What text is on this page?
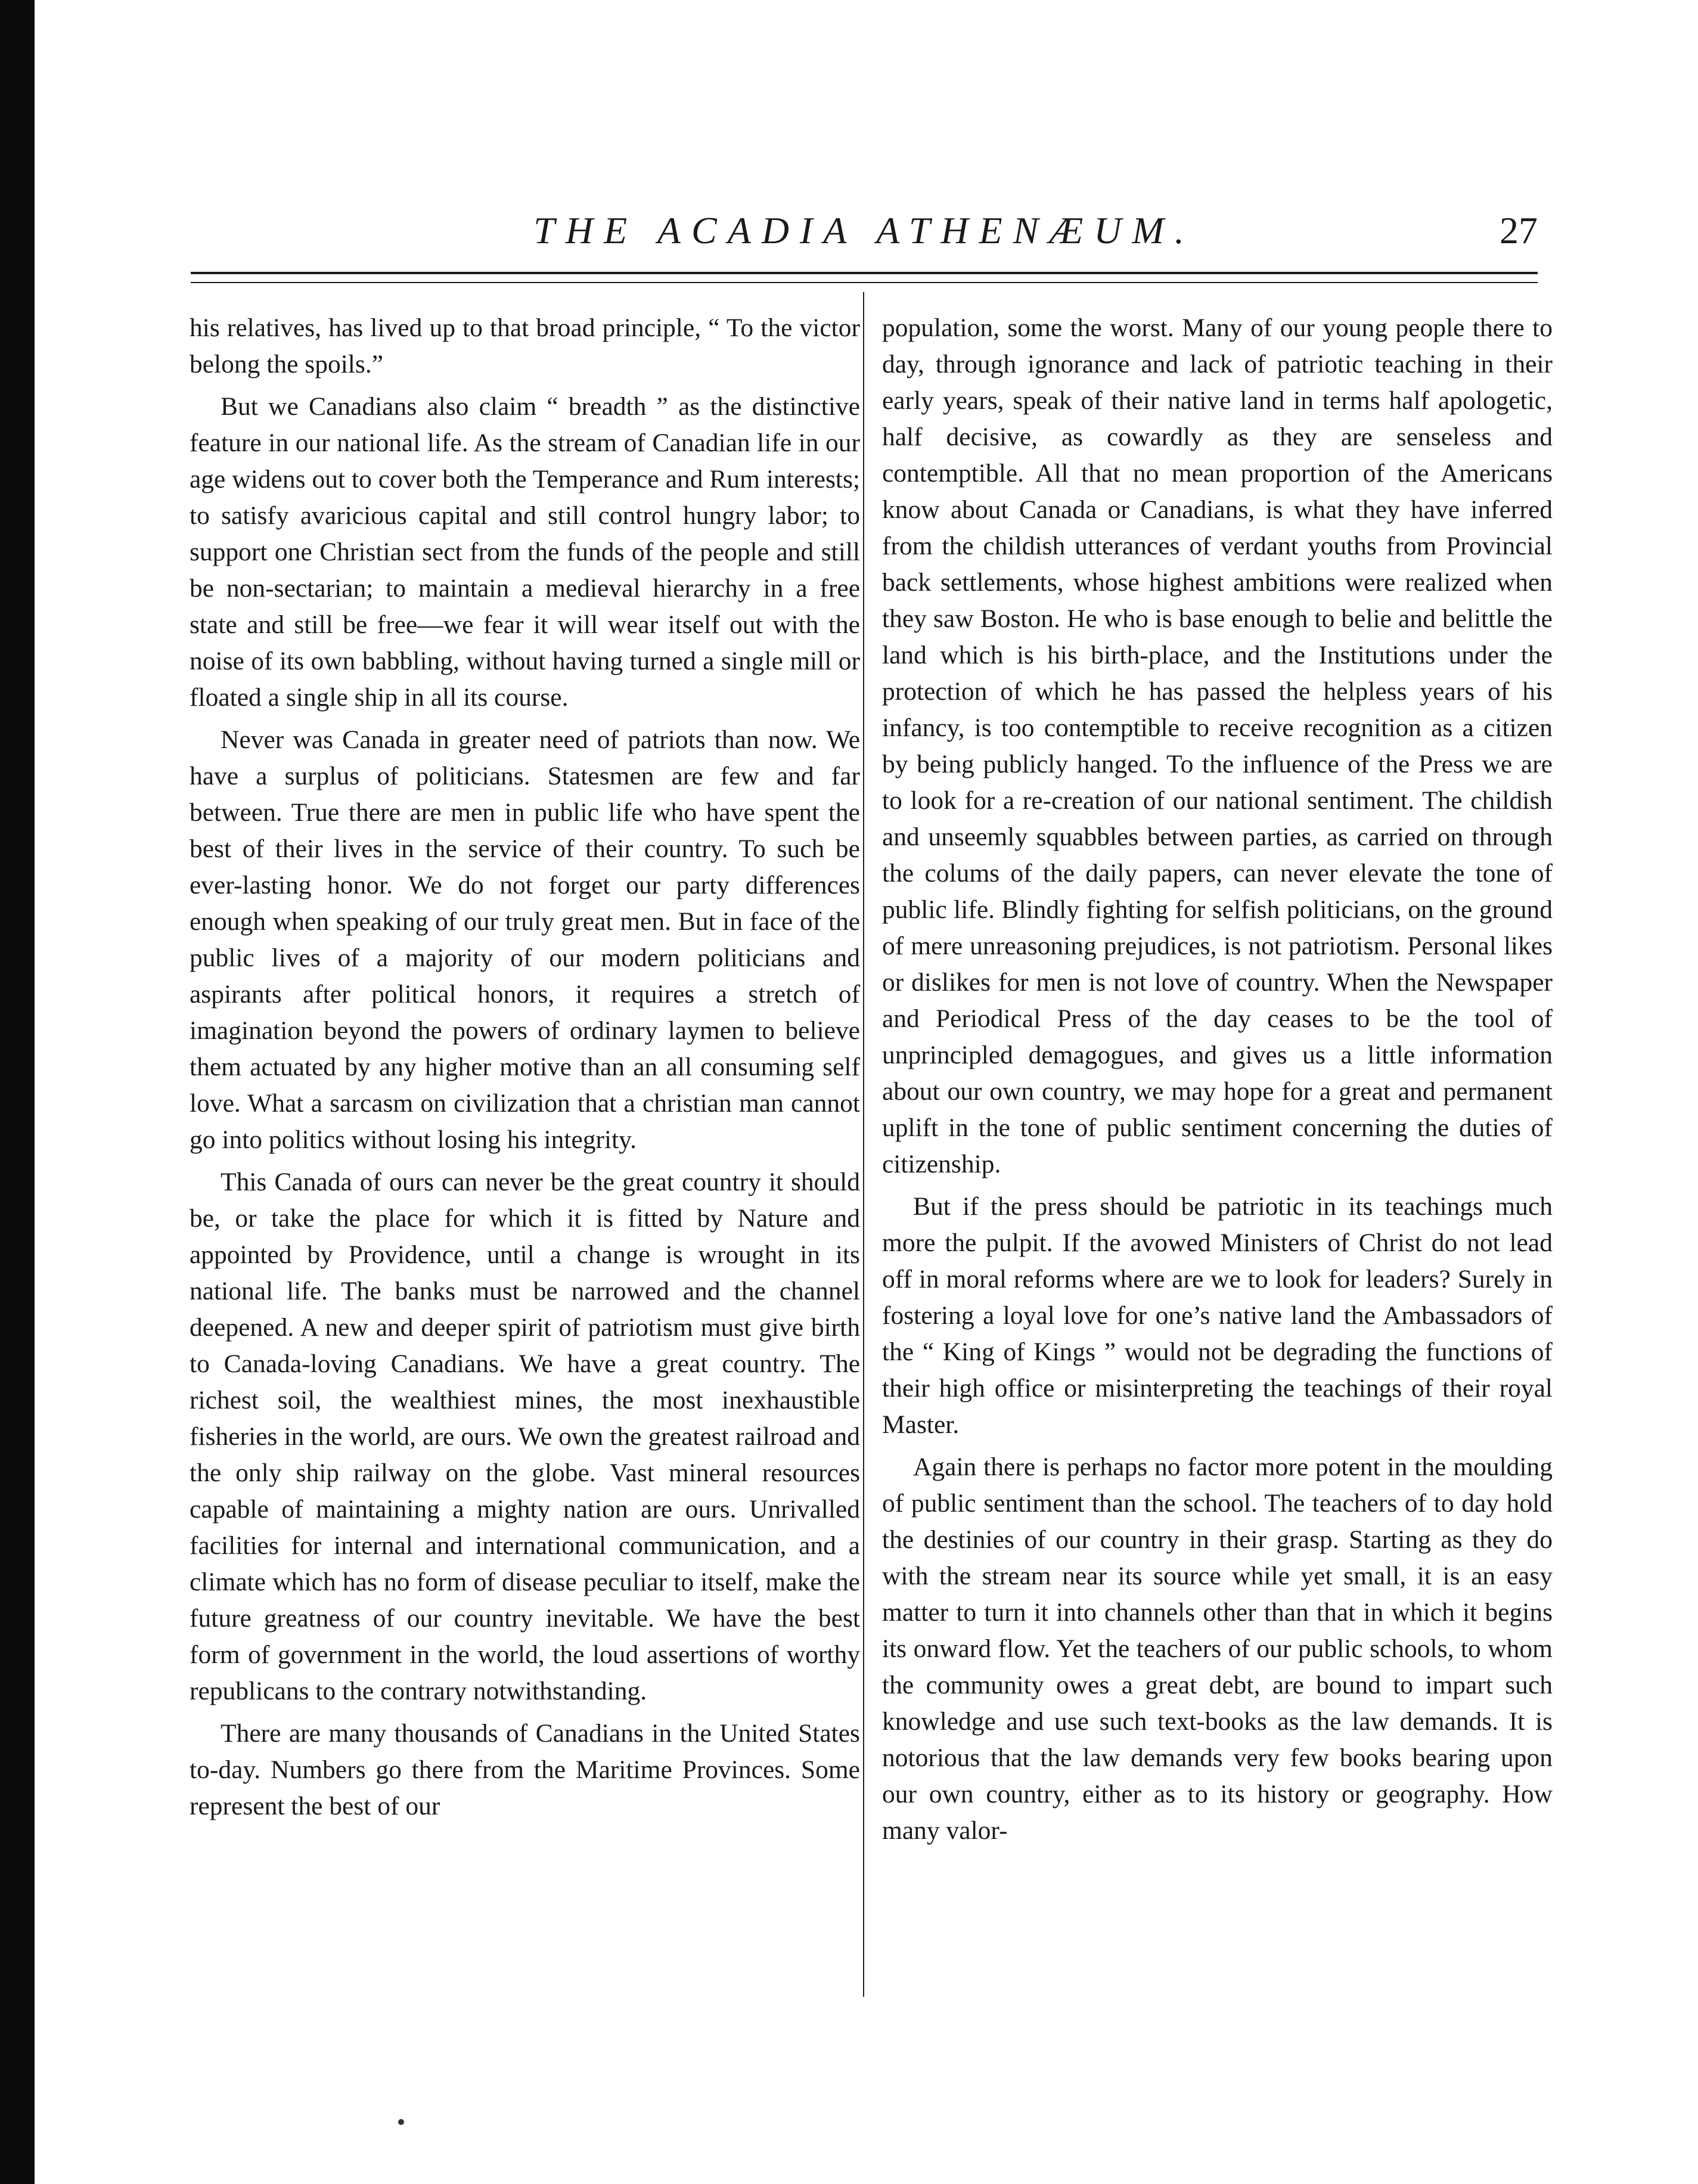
THE ACADIA ATHENÆUM.	27

his relatives, has lived up to that broad principle, “ To the victor belong the spoils.”

But we Canadians also claim “ breadth ” as the distinctive feature in our national life. As the stream of Canadian life in our age widens out to cover both the Temperance and Rum interests; to satisfy avaricious capital and still control hungry labor; to support one Christian sect from the funds of the people and still be non-sectarian; to maintain a medieval hierarchy in a free state and still be free—we fear it will wear itself out with the noise of its own babbling, without having turned a single mill or floated a single ship in all its course.

Never was Canada in greater need of patriots than now. We have a surplus of politicians. Statesmen are few and far between. True there are men in public life who have spent the best of their lives in the service of their country. To such be ever-lasting honor. We do not forget our party differences enough when speaking of our truly great men. But in face of the public lives of a majority of our modern politicians and aspirants after political honors, it requires a stretch of imagination beyond the powers of ordinary laymen to believe them actuated by any higher motive than an all consuming self love. What a sarcasm on civilization that a christian man cannot go into politics without losing his integrity.

This Canada of ours can never be the great country it should be, or take the place for which it is fitted by Nature and appointed by Providence, until a change is wrought in its national life. The banks must be narrowed and the channel deepened. A new and deeper spirit of patriotism must give birth to Canada-loving Canadians. We have a great country. The richest soil, the wealthiest mines, the most inexhaustible fisheries in the world, are ours. We own the greatest railroad and the only ship railway on the globe. Vast mineral resources capable of maintaining a mighty nation are ours. Unrivalled facilities for internal and international communication, and a climate which has no form of disease peculiar to itself, make the future greatness of our country inevitable. We have the best form of government in the world, the loud assertions of worthy republicans to the contrary notwithstanding.

There are many thousands of Canadians in the United States to-day. Numbers go there from the Maritime Provinces. Some represent the best of our

population, some the worst. Many of our young people there to day, through ignorance and lack of patriotic teaching in their early years, speak of their native land in terms half apologetic, half decisive, as cowardly as they are senseless and contemptible. All that no mean proportion of the Americans know about Canada or Canadians, is what they have inferred from the childish utterances of verdant youths from Provincial back settlements, whose highest ambitions were realized when they saw Boston. He who is base enough to belie and belittle the land which is his birth-place, and the Institutions under the protection of which he has passed the helpless years of his infancy, is too contemptible to receive recognition as a citizen by being publicly hanged. To the influence of the Press we are to look for a re-creation of our national sentiment. The childish and unseemly squabbles between parties, as carried on through the colums of the daily papers, can never elevate the tone of public life. Blindly fighting for selfish politicians, on the ground of mere unreasoning prejudices, is not patriotism. Personal likes or dislikes for men is not love of country. When the Newspaper and Periodical Press of the day ceases to be the tool of unprincipled demagogues, and gives us a little information about our own country, we may hope for a great and permanent uplift in the tone of public sentiment concerning the duties of citizenship.

But if the press should be patriotic in its teachings much more the pulpit. If the avowed Ministers of Christ do not lead off in moral reforms where are we to look for leaders? Surely in fostering a loyal love for one’s native land the Ambassadors of the “ King of Kings ” would not be degrading the functions of their high office or misinterpreting the teachings of their royal Master.

Again there is perhaps no factor more potent in the moulding of public sentiment than the school. The teachers of to day hold the destinies of our country in their grasp. Starting as they do with the stream near its source while yet small, it is an easy matter to turn it into channels other than that in which it begins its onward flow. Yet the teachers of our public schools, to whom the community owes a great debt, are bound to impart such knowledge and use such text-books as the law demands. It is notorious that the law demands very few books bearing upon our own country, either as to its history or geography. How many valor-
